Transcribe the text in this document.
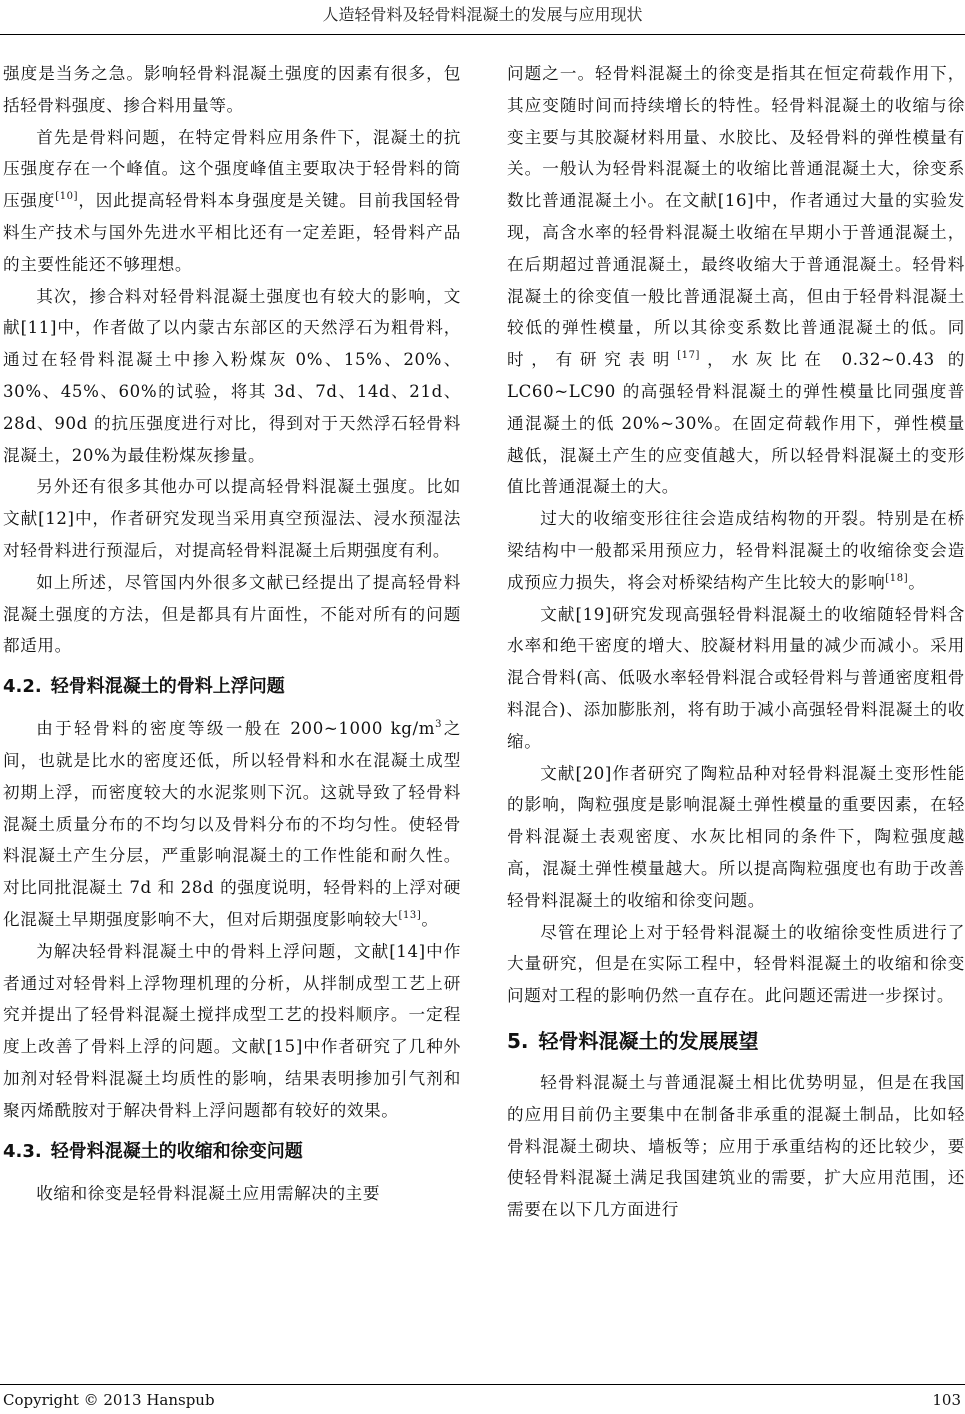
人造轻骨料及轻骨料混凝土的发展与应用现状

强度是当务之急。影响轻骨料混凝土强度的因素有很多，包括轻骨料强度、掺合料用量等。

首先是骨料问题，在特定骨料应用条件下，混凝土的抗压强度存在一个峰值。这个强度峰值主要取决于轻骨料的筒压强度[10]，因此提高轻骨料本身强度是关键。目前我国轻骨料生产技术与国外先进水平相比还有一定差距，轻骨料产品的主要性能还不够理想。

其次，掺合料对轻骨料混凝土强度也有较大的影响，文献[11]中，作者做了以内蒙古东部区的天然浮石为粗骨料，通过在轻骨料混凝土中掺入粉煤灰 0%、15%、20%、30%、45%、60%的试验，将其 3d、7d、14d、21d、28d、90d 的抗压强度进行对比，得到对于天然浮石轻骨料混凝土，20%为最佳粉煤灰掺量。

另外还有很多其他办可以提高轻骨料混凝土强度。比如文献[12]中，作者研究发现当采用真空预湿法、浸水预湿法对轻骨料进行预湿后，对提高轻骨料混凝土后期强度有利。

如上所述，尽管国内外很多文献已经提出了提高轻骨料混凝土强度的方法，但是都具有片面性，不能对所有的问题都适用。

4.2. 轻骨料混凝土的骨料上浮问题

由于轻骨料的密度等级一般在 200~1000 $kg/m^3$之间，也就是比水的密度还低，所以轻骨料和水在混凝土成型初期上浮，而密度较大的水泥浆则下沉。这就导致了轻骨料混凝土质量分布的不均匀以及骨料分布的不均匀性。使轻骨料混凝土产生分层，严重影响混凝土的工作性能和耐久性。对比同批混凝土 7d 和 28d 的强度说明，轻骨料的上浮对硬化混凝土早期强度影响不大，但对后期强度影响较大[13]。

为解决轻骨料混凝土中的骨料上浮问题，文献[14]中作者通过对轻骨料上浮物理机理的分析，从拌制成型工艺上研究并提出了轻骨料混凝土搅拌成型工艺的投料顺序。一定程度上改善了骨料上浮的问题。文献[15]中作者研究了几种外加剂对轻骨料混凝土均质性的影响，结果表明掺加引气剂和聚丙烯酰胺对于解决骨料上浮问题都有较好的效果。

4.3. 轻骨料混凝土的收缩和徐变问题

收缩和徐变是轻骨料混凝土应用需解决的主要

问题之一。轻骨料混凝土的徐变是指其在恒定荷载作用下，其应变随时间而持续增长的特性。轻骨料混凝土的收缩与徐变主要与其胶凝材料用量、水胶比、及轻骨料的弹性模量有关。一般认为轻骨料混凝土的收缩比普通混凝土大，徐变系数比普通混凝土小。在文献[16]中，作者通过大量的实验发现，高含水率的轻骨料混凝土收缩在早期小于普通混凝土，在后期超过普通混凝土，最终收缩大于普通混凝土。轻骨料混凝土的徐变值一般比普通混凝土高，但由于轻骨料混凝土较低的弹性模量，所以其徐变系数比普通混凝土的低。同时，有研究表明[17]，水灰比在 0.32~0.43 的 LC60~LC90 的高强轻骨料混凝土的弹性模量比同强度普通混凝土的低 20%~30%。在固定荷载作用下，弹性模量越低，混凝土产生的应变值越大，所以轻骨料混凝土的变形值比普通混凝土的大。

过大的收缩变形往往会造成结构物的开裂。特别是在桥梁结构中一般都采用预应力，轻骨料混凝土的收缩徐变会造成预应力损失，将会对桥梁结构产生比较大的影响[18]。

文献[19]研究发现高强轻骨料混凝土的收缩随轻骨料含水率和绝干密度的增大、胶凝材料用量的减少而减小。采用混合骨料(高、低吸水率轻骨料混合或轻骨料与普通密度粗骨料混合)、添加膨胀剂，将有助于减小高强轻骨料混凝土的收缩。

文献[20]作者研究了陶粒品种对轻骨料混凝土变形性能的影响，陶粒强度是影响混凝土弹性模量的重要因素，在轻骨料混凝土表观密度、水灰比相同的条件下，陶粒强度越高，混凝土弹性模量越大。所以提高陶粒强度也有助于改善轻骨料混凝土的收缩和徐变问题。

尽管在理论上对于轻骨料混凝土的收缩徐变性质进行了大量研究，但是在实际工程中，轻骨料混凝土的收缩和徐变问题对工程的影响仍然一直存在。此问题还需进一步探讨。

5. 轻骨料混凝土的发展展望

轻骨料混凝土与普通混凝土相比优势明显，但是在我国的应用目前仍主要集中在制备非承重的混凝土制品，比如轻骨料混凝土砌块、墙板等；应用于承重结构的还比较少，要使轻骨料混凝土满足我国建筑业的需要，扩大应用范围，还需要在以下几方面进行

Copyright © 2013 Hanspub	103
